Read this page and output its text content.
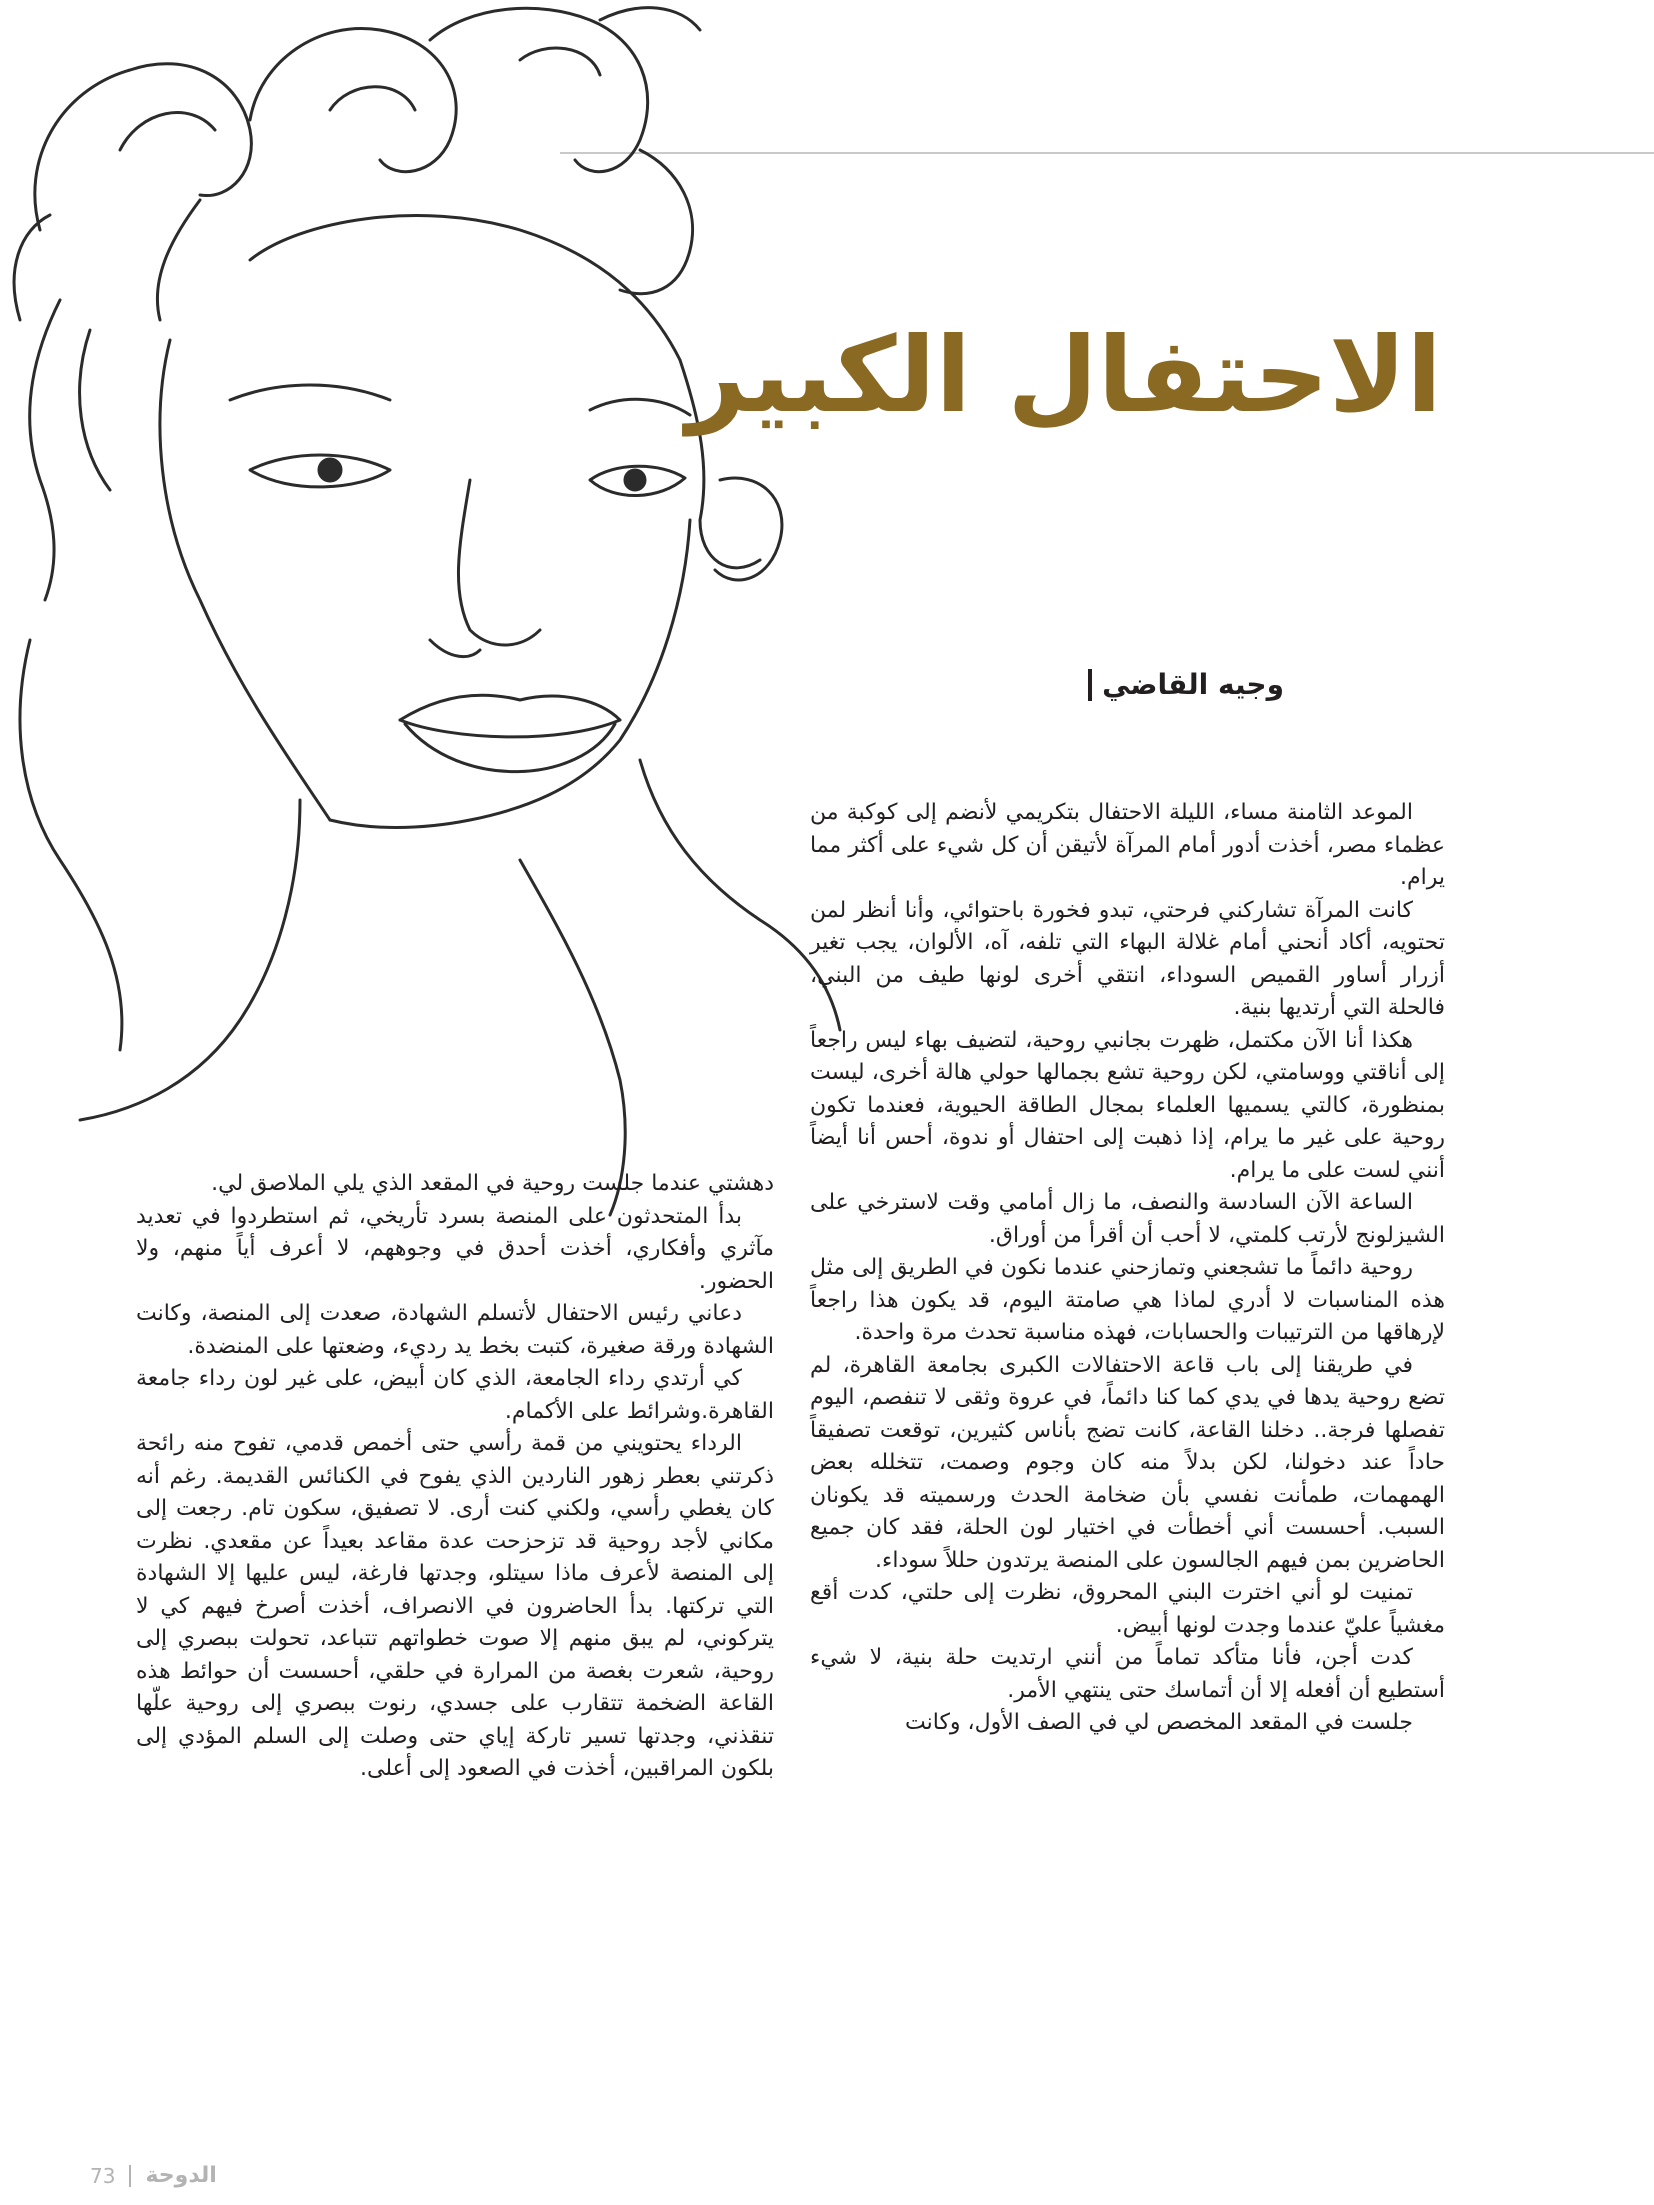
الاحتفال الكبير
وجيه القاضي

الموعد الثامنة مساء، الليلة الاحتفال بتكريمي لأنضم إلى كوكبة من عظماء مصر، أخذت أدور أمام المرآة لأتيقن أن كل شيء على أكثر مما يرام.

كانت المرآة تشاركني فرحتي، تبدو فخورة باحتوائي، وأنا أنظر لمن تحتويه، أكاد أنحني أمام غلالة البهاء التي تلفه، آه، الألوان، يجب تغير أزرار أساور القميص السوداء، انتقي أخرى لونها طيف من البني، فالحلة التي أرتديها بنية.

هكذا أنا الآن مكتمل، ظهرت بجانبي روحية، لتضيف بهاء ليس راجعاً إلى أناقتي ووسامتي، لكن روحية تشع بجمالها حولي هالة أخرى، ليست بمنظورة، كالتي يسميها العلماء بمجال الطاقة الحيوية، فعندما تكون روحية على غير ما يرام، إذا ذهبت إلى احتفال أو ندوة، أحس أنا أيضاً أنني لست على ما يرام.

الساعة الآن السادسة والنصف، ما زال أمامي وقت لاسترخي على الشيزلونج لأرتب كلمتي، لا أحب أن أقرأ من أوراق.

روحية دائماً ما تشجعني وتمازحني عندما نكون في الطريق إلى مثل هذه المناسبات لا أدري لماذا هي صامتة اليوم، قد يكون هذا راجعاً لإرهاقها من الترتيبات والحسابات، فهذه مناسبة تحدث مرة واحدة.

في طريقنا إلى باب قاعة الاحتفالات الكبرى بجامعة القاهرة، لم تضع روحية يدها في يدي كما كنا دائماً، في عروة وثقى لا تنفصم، اليوم تفصلها فرجة.. دخلنا القاعة، كانت تضج بأناس كثيرين، توقعت تصفيقاً حاداً عند دخولنا، لكن بدلاً منه كان وجوم وصمت، تتخلله بعض الهمهمات، طمأنت نفسي بأن ضخامة الحدث ورسميته قد يكونان السبب. أحسست أني أخطأت في اختيار لون الحلة، فقد كان جميع الحاضرين بمن فيهم الجالسون على المنصة يرتدون حللاً سوداء.

تمنيت لو أني اخترت البني المحروق، نظرت إلى حلتي، كدت أقع مغشياً عليّ عندما وجدت لونها أبيض.

كدت أجن، فأنا متأكد تماماً من أنني ارتديت حلة بنية، لا شيء أستطيع أن أفعله إلا أن أتماسك حتى ينتهي الأمر.

جلست في المقعد المخصص لي في الصف الأول، وكانت

دهشتي عندما جلست روحية في المقعد الذي يلي الملاصق لي.

بدأ المتحدثون على المنصة بسرد تأريخي، ثم استطردوا في تعديد مآثري وأفكاري، أخذت أحدق في وجوههم، لا أعرف أياً منهم، ولا الحضور.

دعاني رئيس الاحتفال لأتسلم الشهادة، صعدت إلى المنصة، وكانت الشهادة ورقة صغيرة، كتبت بخط يد رديء، وضعتها على المنضدة.

كي أرتدي رداء الجامعة، الذي كان أبيض، على غير لون رداء جامعة القاهرة.وشرائط على الأكمام.

الرداء يحتويني من قمة رأسي حتى أخمص قدمي، تفوح منه رائحة ذكرتني بعطر زهور الناردين الذي يفوح في الكنائس القديمة. رغم أنه كان يغطي رأسي، ولكني كنت أرى. لا تصفيق، سكون تام. رجعت إلى مكاني لأجد روحية قد تزحزحت عدة مقاعد بعيداً عن مقعدي. نظرت إلى المنصة لأعرف ماذا سيتلو، وجدتها فارغة، ليس عليها إلا الشهادة التي تركتها. بدأ الحاضرون في الانصراف، أخذت أصرخ فيهم كي لا يتركوني، لم يبق منهم إلا صوت خطواتهم تتباعد، تحولت ببصري إلى روحية، شعرت بغصة من المرارة في حلقي، أحسست أن حوائط هذه القاعة الضخمة تتقارب على جسدي، رنوت ببصري إلى روحية علّها تنقذني، وجدتها تسير تاركة إياي حتى وصلت إلى السلم المؤدي إلى بلكون المراقبين، أخذت في الصعود إلى أعلى.

73 الدوحة
